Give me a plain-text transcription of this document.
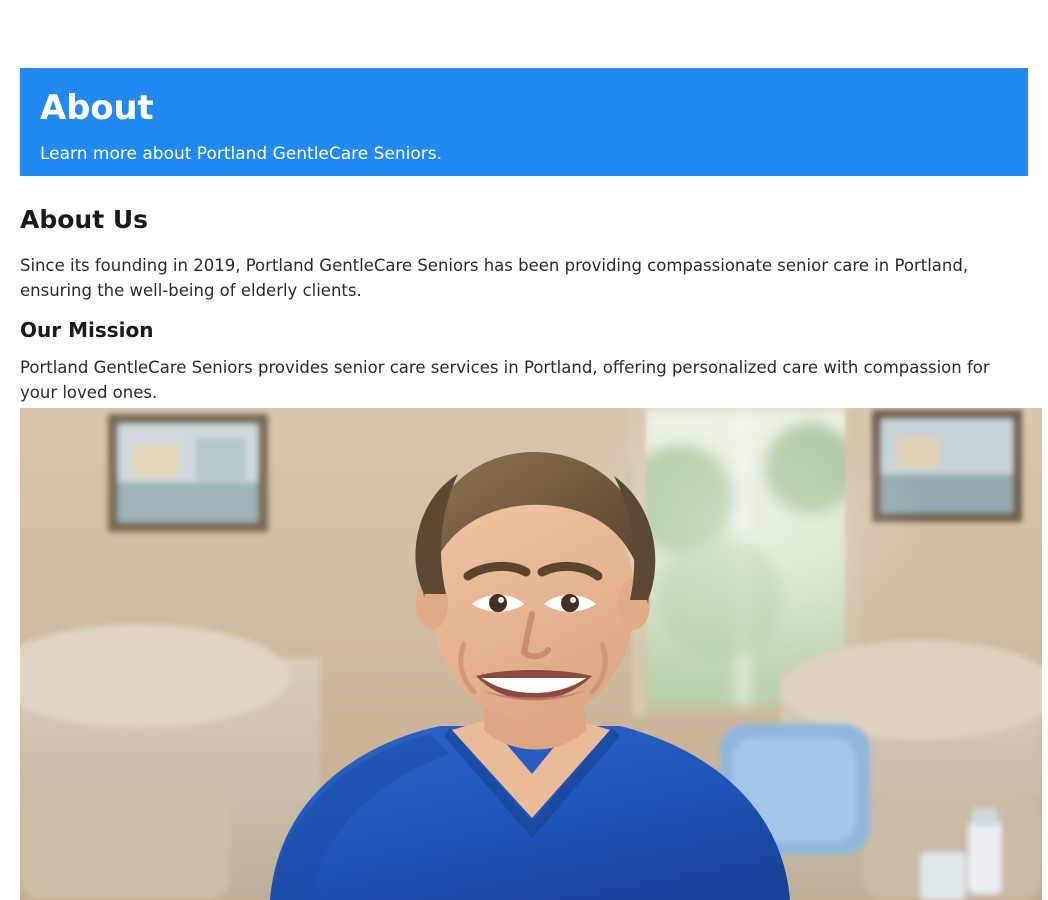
About
Learn more about Portland GentleCare Seniors.
About Us

Since its founding in 2019, Portland GentleCare Seniors has been providing compassionate senior care in Portland, ensuring the well-being of elderly clients.

Our Mission

Portland GentleCare Seniors provides senior care services in Portland, offering personalized care with compassion for your loved ones.
